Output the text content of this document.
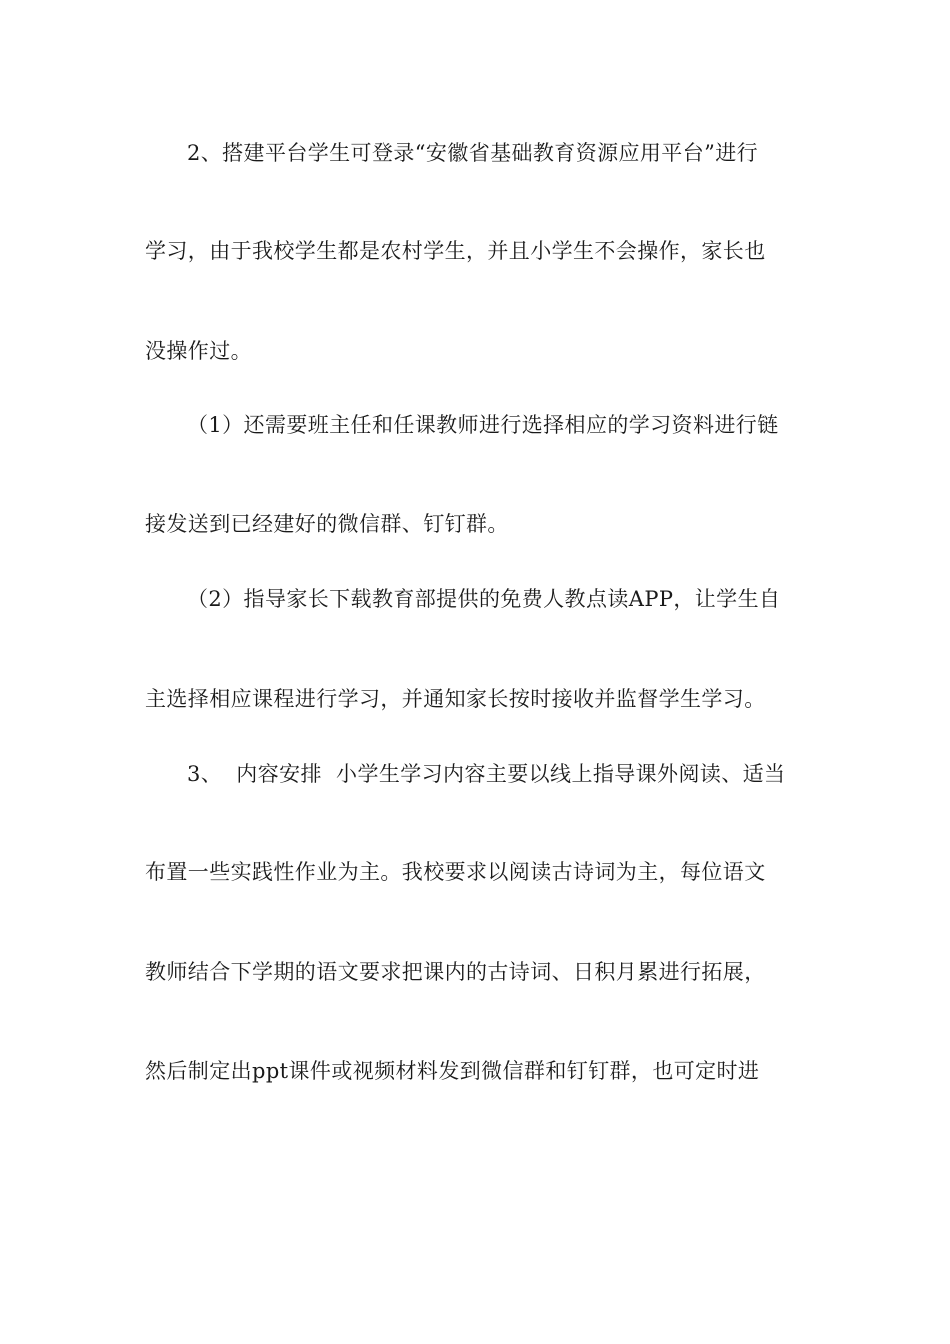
2、搭建平台学生可登录“安徽省基础教育资源应用平台”进行
学习，由于我校学生都是农村学生，并且小学生不会操作，家长也
没操作过。
（1）还需要班主任和任课教师进行选择相应的学习资料进行链
接发送到已经建好的微信群、钉钉群。
（2）指导家长下载教育部提供的免费人教点读APP，让学生自
主选择相应课程进行学习，并通知家长按时接收并监督学生学习。
3、  内容安排  小学生学习内容主要以线上指导课外阅读、适当
布置一些实践性作业为主。我校要求以阅读古诗词为主，每位语文
教师结合下学期的语文要求把课内的古诗词、日积月累进行拓展，
然后制定出ppt课件或视频材料发到微信群和钉钉群，也可定时进
